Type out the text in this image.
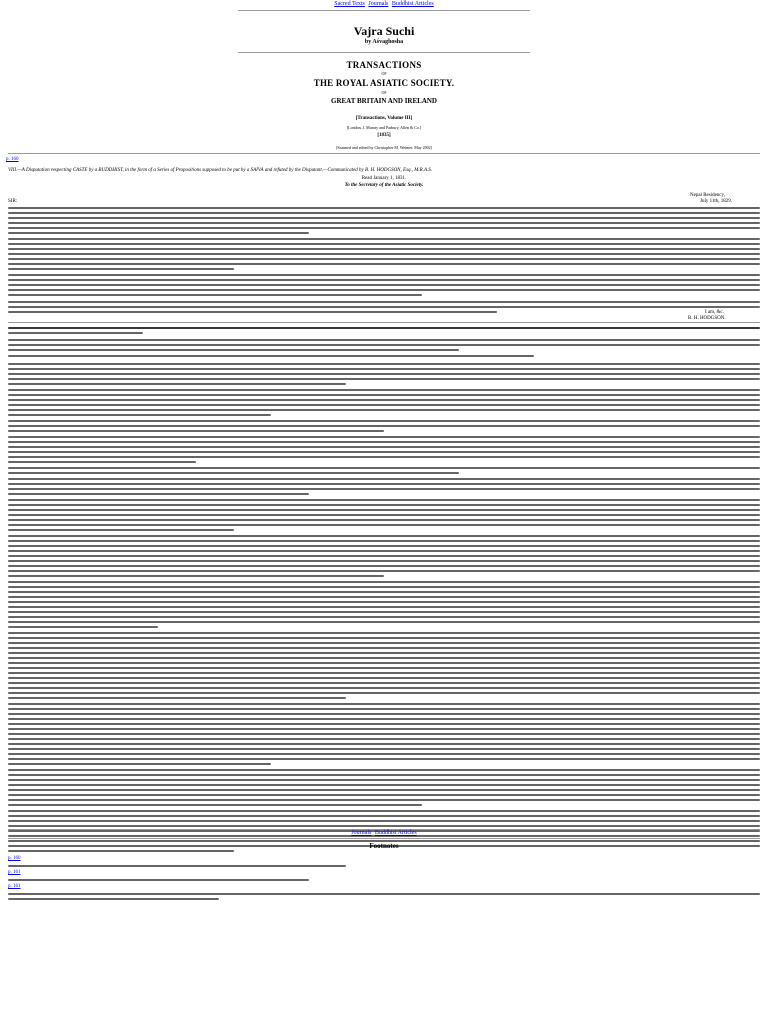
Sacred Texts Journals Buddhist Articles
Vajra Suchi
by Aśvaghosha
TRANSACTIONS
OF
THE ROYAL ASIATIC SOCIETY.
OF
GREAT BRITAIN AND IRELAND
[Transactions, Volume III]
[London, J. Murray and Parbury, Allen & Co.]
[1835]
[Scanned and edited by Christopher M. Weimer, May 2002]
p. 160
VIII.—A Disputation respecting CASTE by a BUDDHIST, in the form of a Series of Propositions supposed to be put by a SAIVA and refuted by the Disputant.—Communicated by B. H. HODGSON, Esq., M.R.A.S.
Read January 1, 1831.
To the Secretary of the Asiatic Society.
Nepal Residency,
July 11th, 1829.
SIR:
I am, &c.
B. H. HODGSON.
Journals Buddhist Articles
Footnotes
p. 160
p. 161
p. 161
